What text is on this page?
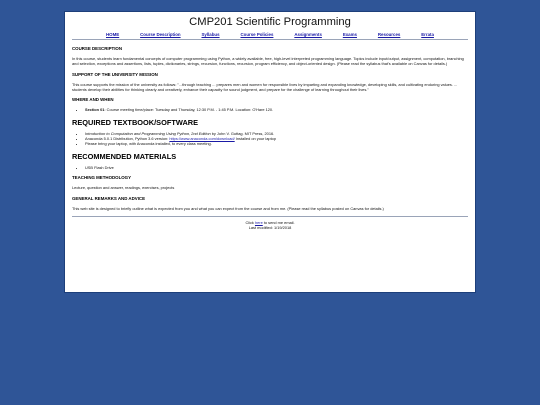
CMP201 Scientific Programming
HOME	Course Description	Syllabus	Course Policies	Assignments	Exams	Resources	Errata
COURSE DESCRIPTION
In this course, students learn fundamental concepts of computer programming using Python, a widely available, free, high-level interpreted programming language. Topics include input/output, assignment, computation, branching and selection, exceptions and assertions, lists, tuples, dictionaries, strings, recursion, functions, recursion, program efficiency, and object-oriented design. (Please read the syllabus that's available on Canvas for details.)
SUPPORT OF THE UNIVERSITY MISSION
This course supports the mission of the university as follows: "...through teaching ... prepares men and women for responsible lives by imparting and expanding knowledge, developing skills, and cultivating enduring values. ... students develop their abilities for thinking clearly and creatively, enhance their capacity for sound judgment, and prepare for the challenge of learning throughout their lives."
WHERE AND WHEN
• Section 01: Course meeting time/place: Tuesday and Thursday, 12:30 P.M. - 1:45 P.M. Location: O'Hare 120.
REQUIRED TEXTBOOK/SOFTWARE
• Introduction to Computation and Programming Using Python, 2nd Edition by John V. Guttag. MIT Press, 2016.
• Anaconda 5.0.1 Distribution, Python 3.6 version: https://www.anaconda.com/download/ Installed on your laptop
• Please bring your laptop, with Anaconda installed, to every class meeting.
RECOMMENDED MATERIALS
• USB Flash Drive
TEACHING METHODOLOGY
Lecture, question and answer, readings, exercises, projects
GENERAL REMARKS AND ADVICE
This web site is designed to briefly outline what is expected from you and what you can expect from the course and from me. (Please read the syllabus posted on Canvas for details.)
Click here to send me email.
Last modified: 1/19/2018
